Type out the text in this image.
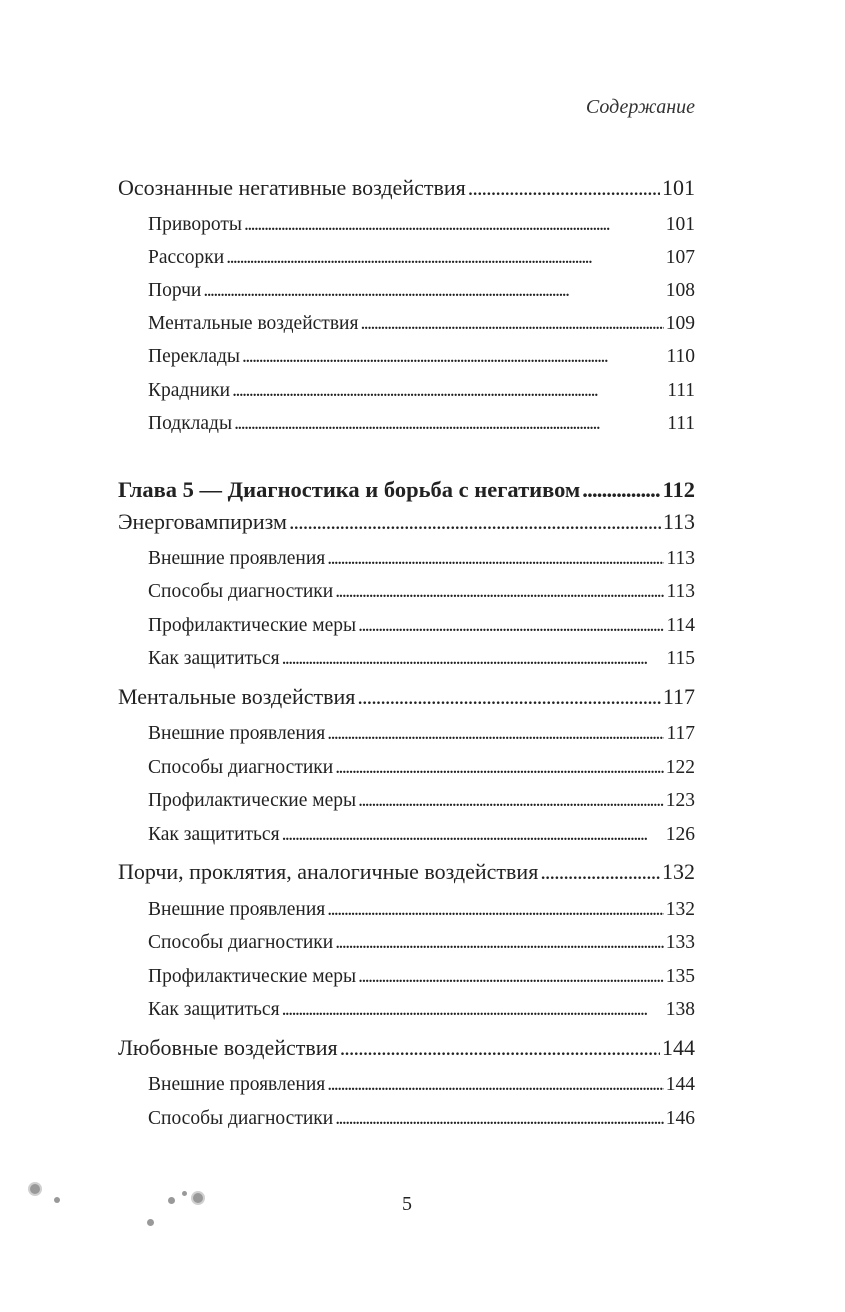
Содержание
Осознанные негативные воздействия . . .	101
Привороты . . .	101
Рассорки . . .	107
Порчи . . .	108
Ментальные воздействия . . .	109
Переклады . . .	110
Крадники . . .	111
Подклады . . .	111
Глава 5 — Диагностика и борьба с негативом . . .	112
Энерговампиризм . . .	113
Внешние проявления . . .	113
Способы диагностики . . .	113
Профилактические меры . . .	114
Как защититься . . .	115
Ментальные воздействия . . .	117
Внешние проявления . . .	117
Способы диагностики . . .	122
Профилактические меры . . .	123
Как защититься . . .	126
Порчи, проклятия, аналогичные воздействия . . .	132
Внешние проявления . . .	132
Способы диагностики . . .	133
Профилактические меры . . .	135
Как защититься . . .	138
Любовные воздействия . . .	144
Внешние проявления . . .	144
Способы диагностики . . .	146
5
